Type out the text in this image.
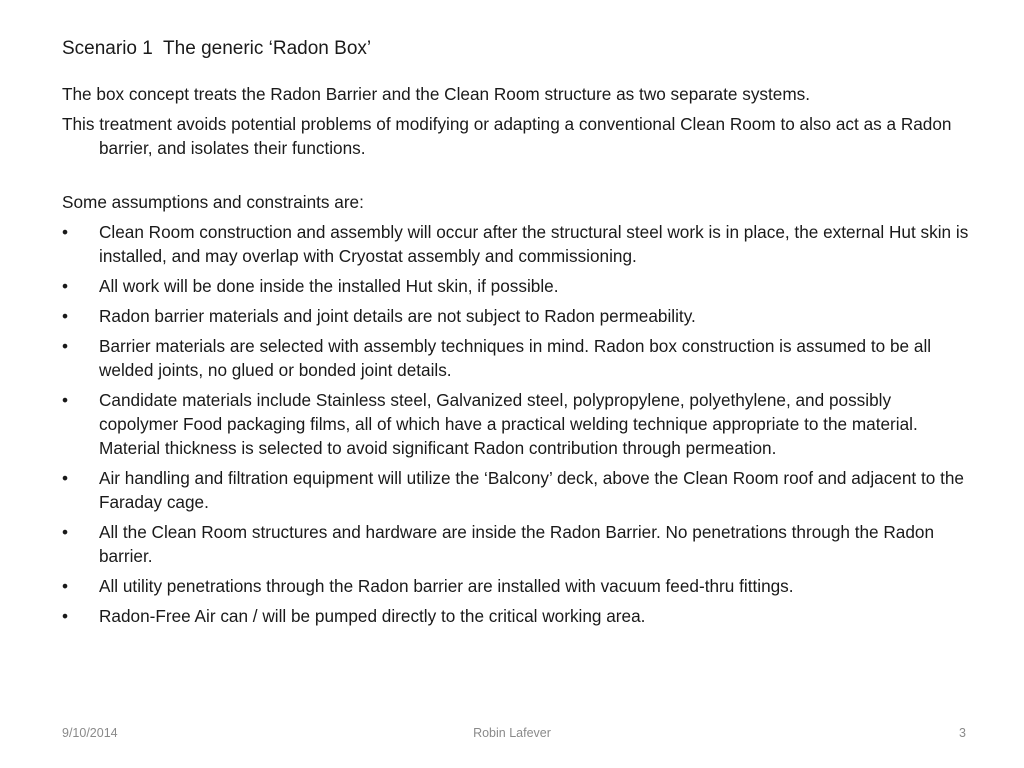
Scenario 1  The generic ‘Radon Box’

The box concept treats the Radon Barrier and the Clean Room structure as two separate systems.

This treatment avoids potential problems of modifying or adapting a conventional Clean Room to also act as a Radon barrier, and isolates their functions.

Some assumptions and constraints are:

•	Clean Room construction and assembly will occur after the structural steel work is in place, the external Hut skin is installed, and may overlap with Cryostat assembly and commissioning.
•	All work will be done inside the installed Hut skin, if possible.
•	Radon barrier materials and joint details are not subject to Radon permeability.
•	Barrier materials are selected with assembly techniques in mind. Radon box construction is assumed to be all welded joints, no glued or bonded joint details.
•	Candidate materials include Stainless steel, Galvanized steel, polypropylene, polyethylene, and possibly copolymer Food packaging films, all of which have a practical welding technique appropriate to the material. Material thickness is selected to avoid significant Radon contribution through permeation.
•	Air handling and filtration equipment will utilize the ‘Balcony’ deck, above the Clean Room roof and adjacent to the Faraday cage.
•	All the Clean Room structures and hardware are inside the Radon Barrier. No penetrations through the Radon barrier.
•	All utility penetrations through the Radon barrier are installed with vacuum feed-thru fittings.
•	Radon-Free Air can / will be pumped directly to the critical working area.
9/10/2014	Robin Lafever	3
